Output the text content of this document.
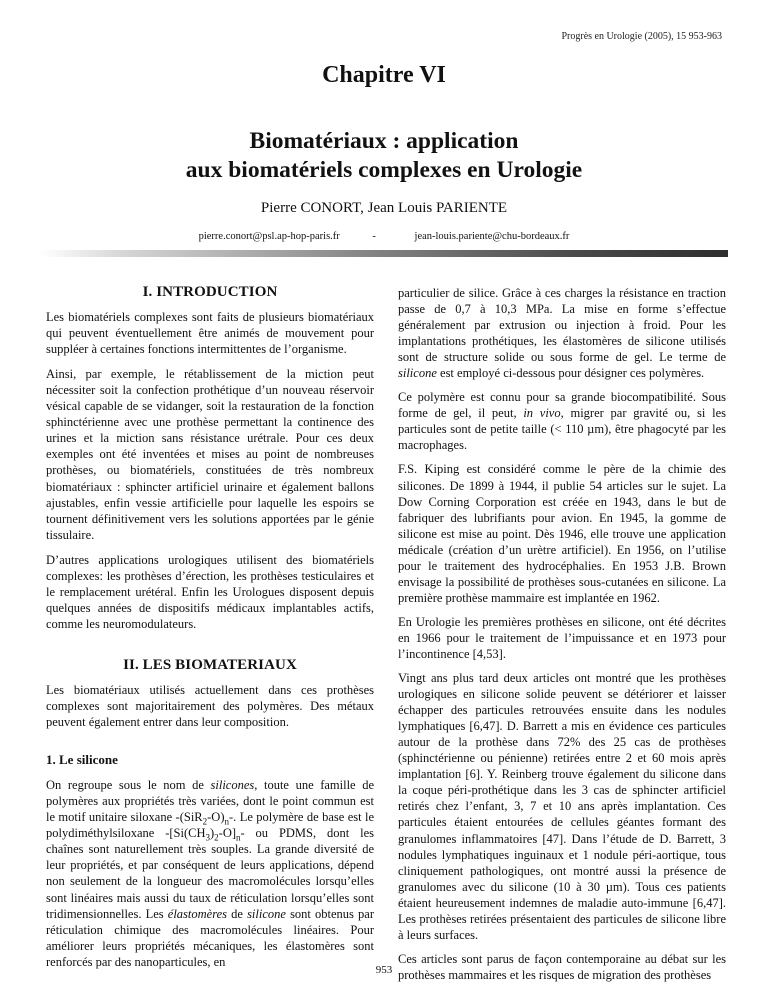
Progrès en Urologie (2005), 15 953-963
Chapitre VI
Biomatériaux : application
aux biomatériels complexes en Urologie
Pierre CONORT, Jean Louis PARIENTE
pierre.conort@psl.ap-hop-paris.fr	-	jean-louis.pariente@chu-bordeaux.fr
I. INTRODUCTION

Les biomatériels complexes sont faits de plusieurs biomatériaux qui peuvent éventuellement être animés de mouvement pour suppléer à certaines fonctions intermittentes de l’organisme.

Ainsi, par exemple, le rétablissement de la miction peut nécessiter soit la confection prothétique d’un nouveau réservoir vésical capable de se vidanger, soit la restauration de la fonction sphinctérienne avec une prothèse permettant la continence des urines et la miction sans résistance urétrale. Pour ces deux exemples ont été inventées et mises au point de nombreuses prothèses, ou biomatériels, constituées de très nombreux biomatériaux : sphincter artificiel urinaire et également ballons ajustables, enfin vessie artificielle pour laquelle les espoirs se tournent définitivement vers les solutions apportées par le génie tissulaire.

D’autres applications urologiques utilisent des biomatériels complexes: les prothèses d’érection, les prothèses testiculaires et le remplacement urétéral. Enfin les Urologues disposent depuis quelques années de dispositifs médicaux implantables actifs, comme les neuromodulateurs.

II. LES BIOMATERIAUX

Les biomatériaux utilisés actuellement dans ces prothèses complexes sont majoritairement des polymères. Des métaux peuvent également entrer dans leur composition.

1. Le silicone

On regroupe sous le nom de silicones, toute une famille de polymères aux propriétés très variées, dont le point commun est le motif unitaire siloxane $-(SiR_2-O)_n-$. Le polymère de base est le polydiméthylsiloxane $-[Si(CH_3)_2-O]_n-$ ou PDMS, dont les chaînes sont naturellement très souples. La grande diversité de leur propriétés, et par conséquent de leurs applications, dépend non seulement de la longueur des macromolécules lorsqu’elles sont linéaires mais aussi du taux de réticulation lorsqu’elles sont tridimensionnelles. Les élastomères de silicone sont obtenus par réticulation chimique des macromolécules linéaires. Pour améliorer leurs propriétés mécaniques, les élastomères sont renforcés par des nanoparticules, en

particulier de silice. Grâce à ces charges la résistance en traction passe de 0,7 à 10,3 MPa. La mise en forme s’effectue généralement par extrusion ou injection à froid. Pour les implantations prothétiques, les élastomères de silicone utilisés sont de structure solide ou sous forme de gel. Le terme de silicone est employé ci-dessous pour désigner ces polymères.

Ce polymère est connu pour sa grande biocompatibilité. Sous forme de gel, il peut, in vivo, migrer par gravité ou, si les particules sont de petite taille (< 110 µm), être phagocyté par les macrophages.

F.S. Kiping est considéré comme le père de la chimie des silicones. De 1899 à 1944, il publie 54 articles sur le sujet. La Dow Corning Corporation est créée en 1943, dans le but de fabriquer des lubrifiants pour avion. En 1945, la gomme de silicone est mise au point. Dès 1946, elle trouve une application médicale (création d’un urètre artificiel). En 1956, on l’utilise pour le traitement des hydrocéphalies. En 1953 J.B. Brown envisage la possibilité de prothèses sous-cutanées en silicone. La première prothèse mammaire est implantée en 1962.

En Urologie les premières prothèses en silicone, ont été décrites en 1966 pour le traitement de l’impuissance et en 1973 pour l’incontinence [4,53].

Vingt ans plus tard deux articles ont montré que les prothèses urologiques en silicone solide peuvent se détériorer et laisser échapper des particules retrouvées ensuite dans les nodules lymphatiques [6,47]. D. Barrett a mis en évidence ces particules autour de la prothèse dans 72% des 25 cas de prothèses (sphinctérienne ou pénienne) retirées entre 2 et 60 mois après implantation [6]. Y. Reinberg trouve également du silicone dans la coque péri-prothétique dans les 3 cas de sphincter artificiel retirés chez l’enfant, 3, 7 et 10 ans après implantation. Ces particules étaient entourées de cellules géantes formant des granulomes inflammatoires [47]. Dans l’étude de D. Barrett, 3 nodules lymphatiques inguinaux et 1 nodule péri-aortique, tous cliniquement pathologiques, ont montré aussi la présence de granulomes avec du silicone (10 à 30 µm). Tous ces patients étaient heureusement indemnes de maladie auto-immune [6,47]. Les prothèses retirées présentaient des particules de silicone libre à leurs surfaces.

Ces articles sont parus de façon contemporaine au débat sur les prothèses mammaires et les risques de migration des prothèses

953
